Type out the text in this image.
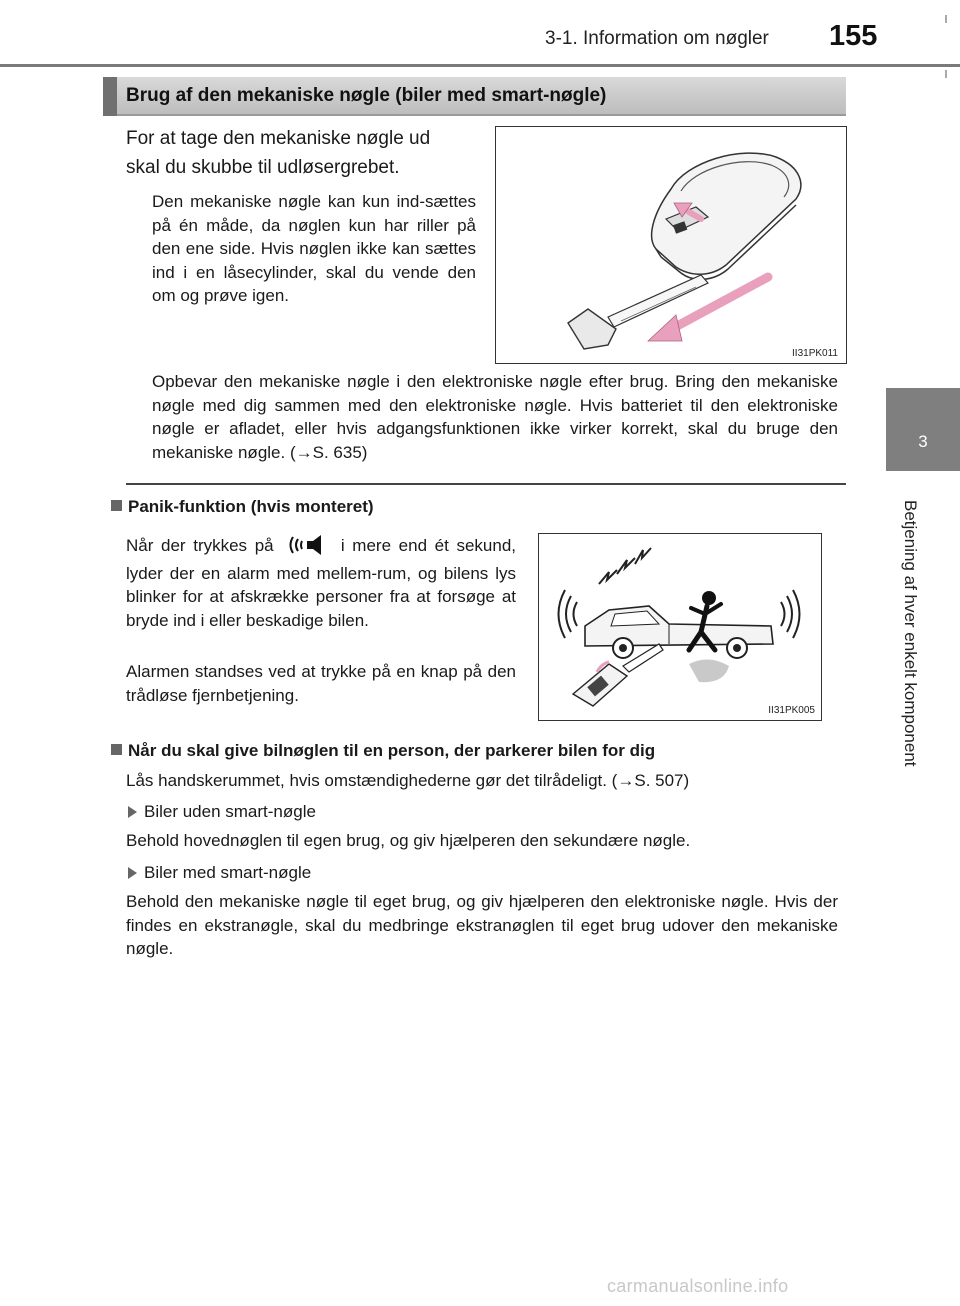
3-1. Information om nøgler 155
3
Betjening af hver enkelt komponent
Brug af den mekaniske nøgle (biler med smart-nøgle)
For at tage den mekaniske nøgle ud
skal du skubbe til udløsergrebet.
Den mekaniske nøgle kan kun ind-sættes på én måde, da nøglen kun har riller på den ene side. Hvis nøglen ikke kan sættes ind i en låsecylinder, skal du vende den om og prøve igen.
II31PK011
Opbevar den mekaniske nøgle i den elektroniske nøgle efter brug. Bring den mekaniske nøgle med dig sammen med den elektroniske nøgle. Hvis batteriet til den elektroniske nøgle er afladet, eller hvis adgangsfunktionen ikke virker korrekt, skal du bruge den mekaniske nøgle. (→S. 635)
Panik-funktion (hvis monteret)
Når der trykkes på	i mere end ét sekund, lyder der en alarm med mellem-rum, og bilens lys blinker for at afskrække personer fra at forsøge at bryde ind i eller beskadige bilen.
Alarmen standses ved at trykke på en knap på den trådløse fjernbetjening.
II31PK005
Når du skal give bilnøglen til en person, der parkerer bilen for dig
Lås handskerummet, hvis omstændighederne gør det tilrådeligt. (→S. 507)
Biler uden smart-nøgle
Behold hovednøglen til egen brug, og giv hjælperen den sekundære nøgle.
Biler med smart-nøgle
Behold den mekaniske nøgle til eget brug, og giv hjælperen den elektroniske nøgle. Hvis der findes en ekstranøgle, skal du medbringe ekstranøglen til eget brug udover den mekaniske nøgle.
carmanualsonline.info
